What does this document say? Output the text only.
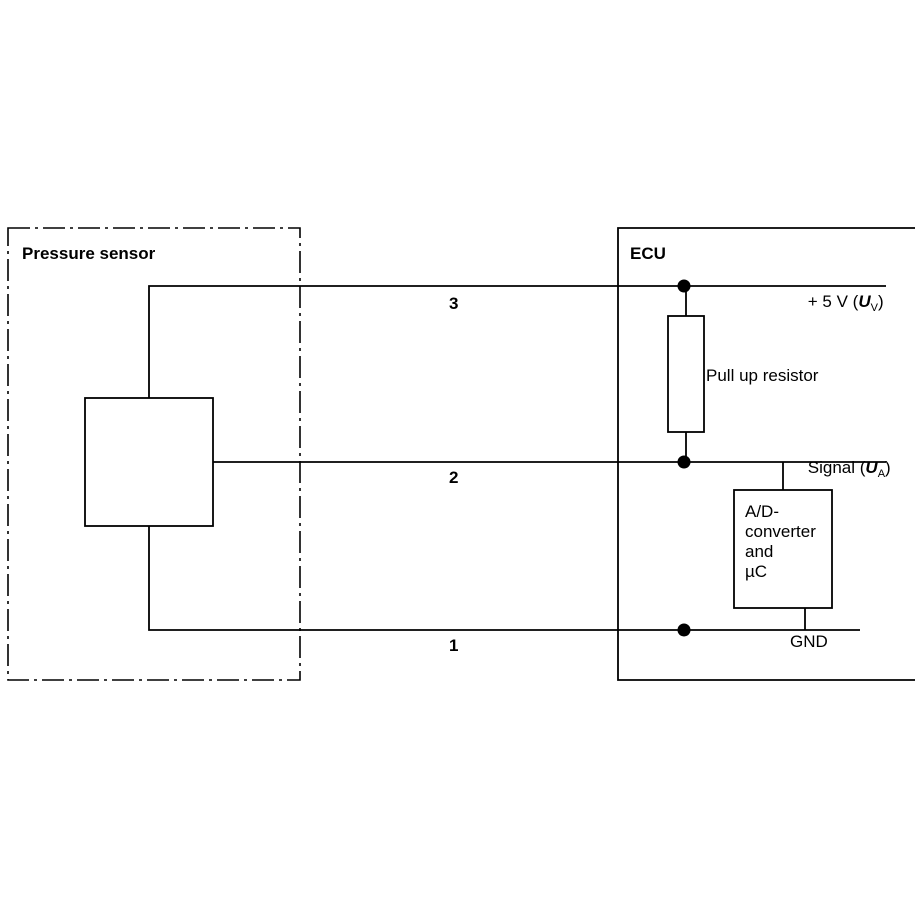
Pressure sensor	ECU
3
2
1
Pull up resistor
A/D-
converter
and
µC

+ 5 V $(U_V)$

Signal $(U_A)$

GND
